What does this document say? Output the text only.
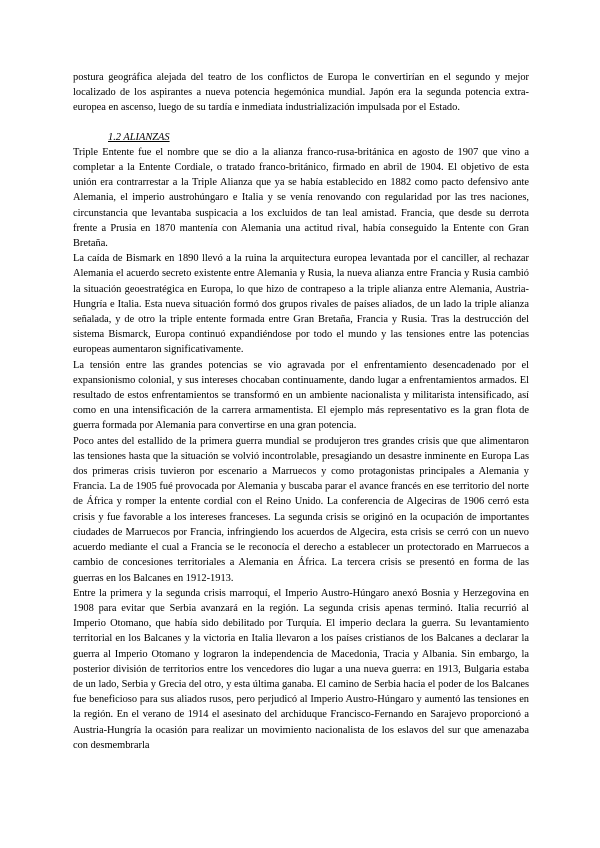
postura geográfica alejada del teatro de los conflictos de Europa le convertirían en el segundo y mejor localizado de los aspirantes a nueva potencia hegemónica mundial. Japón era la segunda potencia extra-europea en ascenso, luego de su tardía e inmediata industrialización impulsada por el Estado.

1.2 ALIANZAS

Triple Entente fue el nombre que se dio a la alianza franco-rusa-británica en agosto de 1907 que vino a completar a la Entente Cordiale, o tratado franco-británico, firmado en abril de 1904. El objetivo de esta unión era contrarrestar a la Triple Alianza que ya se había establecido en 1882 como pacto defensivo ante Alemania, el imperio austrohúngaro e Italia y se venía renovando con regularidad por las tres naciones, circunstancia que levantaba suspicacia a los excluidos de tan leal amistad. Francia, que desde su derrota frente a Prusia en 1870 mantenía con Alemania una actitud rival, había conseguido la Entente con Gran Bretaña.

La caída de Bismark en 1890 llevó a la ruina la arquitectura europea levantada por el canciller, al rechazar Alemania el acuerdo secreto existente entre Alemania y Rusia, la nueva alianza entre Francia y Rusia cambió la situación geoestratégica en Europa, lo que hizo de contrapeso a la triple alianza entre Alemania, Austria-Hungría e Italia. Esta nueva situación formó dos grupos rivales de países aliados, de un lado la triple alianza señalada, y de otro la triple entente formada entre Gran Bretaña, Francia y Rusia. Tras la destrucción del sistema Bismarck, Europa continuó expandiéndose por todo el mundo y las tensiones entre las potencias europeas aumentaron significativamente.

La tensión entre las grandes potencias se vio agravada por el enfrentamiento desencadenado por el expansionismo colonial, y sus intereses chocaban continuamente, dando lugar a enfrentamientos armados. El resultado de estos enfrentamientos se transformó en un ambiente nacionalista y militarista intensificado, así como en una intensificación de la carrera armamentista. El ejemplo más representativo es la gran flota de guerra formada por Alemania para convertirse en una gran potencia.

Poco antes del estallido de la primera guerra mundial se produjeron tres grandes crisis que que alimentaron las tensiones hasta que la situación se volvió incontrolable, presagiando un desastre inminente en Europa Las dos primeras crisis tuvieron por escenario a Marruecos y como protagonistas principales a Alemania y Francia. La de 1905 fué provocada por Alemania y buscaba parar el avance francés en ese territorio del norte de África y romper la entente cordial con el Reino Unido. La conferencia de Algeciras de 1906 cerró esta crisis y fue favorable a los intereses franceses. La segunda crisis se originó en la ocupación de importantes ciudades de Marruecos por Francia, infringiendo los acuerdos de Algecira, esta crisis se cerró con un nuevo acuerdo mediante el cual a Francia se le reconocía el derecho a establecer un protectorado en Marruecos a cambio de concesiones territoriales a Alemania en África. La tercera crisis se presentó en forma de las guerras en los Balcanes en 1912-1913.

Entre la primera y la segunda crisis marroquí, el Imperio Austro-Húngaro anexó Bosnia y Herzegovina en 1908 para evitar que Serbia avanzará en la región. La segunda crisis apenas terminó. Italia recurrió al Imperio Otomano, que había sido debilitado por Turquía. El imperio declara la guerra. Su levantamiento territorial en los Balcanes y la victoria en Italia llevaron a los países cristianos de los Balcanes a declarar la guerra al Imperio Otomano y lograron la independencia de Macedonia, Tracia y Albania. Sin embargo, la posterior división de territorios entre los vencedores dio lugar a una nueva guerra: en 1913, Bulgaria estaba de un lado, Serbia y Grecia del otro, y esta última ganaba. El camino de Serbia hacia el poder de los Balcanes fue beneficioso para sus aliados rusos, pero perjudicó al Imperio Austro-Húngaro y aumentó las tensiones en la región. En el verano de 1914 el asesinato del archiduque Francisco-Fernando en Sarajevo proporcionó a Austria-Hungría la ocasión para realizar un movimiento nacionalista de los eslavos del sur que amenazaba con desmembrarla
